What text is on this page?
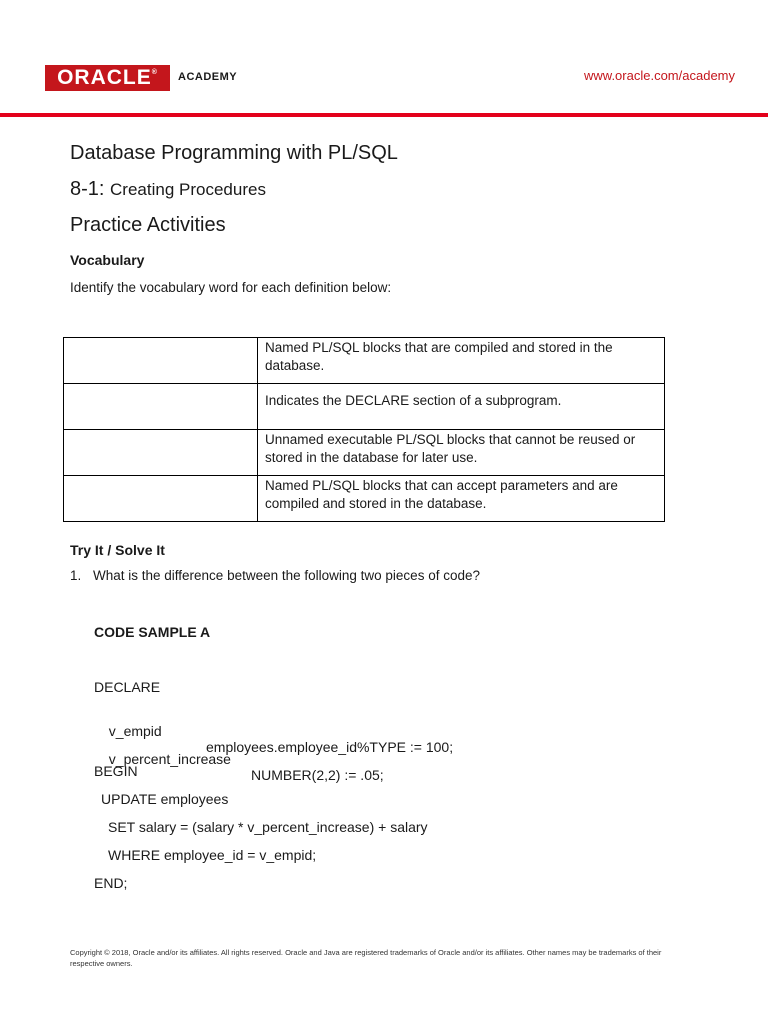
ORACLE ® ACADEMY	www.oracle.com/academy
Database Programming with PL/SQL
8-1: Creating Procedures
Practice Activities
Vocabulary
Identify the vocabulary word for each definition below:
	Named PL/SQL blocks that are compiled and stored in the database.
	Indicates the DECLARE section of a subprogram.
	Unnamed executable PL/SQL blocks that cannot be reused or stored in the database for later use.
	Named PL/SQL blocks that can accept parameters and are compiled and stored in the database.
Try It / Solve It
1. What is the difference between the following two pieces of code?
CODE SAMPLE A
DECLARE

v_empid

employees.employee_id%TYPE := 100;

v_percent_increase

NUMBER(2,2) := .05;

BEGIN
UPDATE employees
SET salary = (salary * v_percent_increase) + salary
WHERE employee_id = v_empid;
END;
Copyright © 2018, Oracle and/or its affiliates. All rights reserved. Oracle and Java are registered trademarks of Oracle and/or its affiliates. Other names may be trademarks of their respective owners.
